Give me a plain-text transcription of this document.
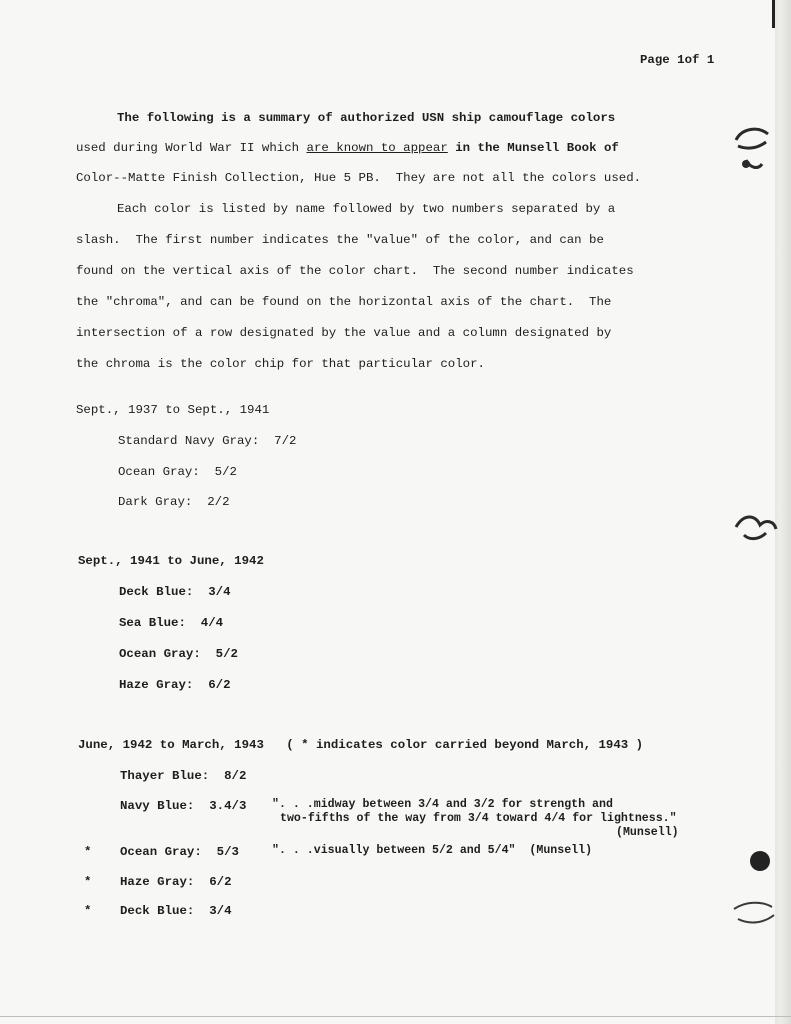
Page 1of 1
The following is a summary of authorized USN ship camouflage colors
used during World War II which are known to appear in the Munsell Book of
Color--Matte Finish Collection, Hue 5 PB.  They are not all the colors used.
Each color is listed by name followed by two numbers separated by a
slash.  The first number indicates the "value" of the color, and can be
found on the vertical axis of the color chart.  The second number indicates
the "chroma", and can be found on the horizontal axis of the chart.  The
intersection of a row designated by the value and a column designated by
the chroma is the color chip for that particular color.
Sept., 1937 to Sept., 1941
Standard Navy Gray: 7/2
Ocean Gray: 5/2
Dark Gray: 2/2
Sept., 1941 to June, 1942
Deck Blue: 3/4
Sea Blue: 4/4
Ocean Gray: 5/2
Haze Gray: 6/2
June, 1942 to March, 1943 ( * indicates color carried beyond March, 1943 )
Thayer Blue: 8/2
Navy Blue: 3.4/3 ". . .midway between 3/4 and 3/2 for strength and
two-fifths of the way from 3/4 toward 4/4 for lightness."
(Munsell)
* Ocean Gray: 5/3	". . .visually between 5/2 and 5/4"  (Munsell)
* Haze Gray: 6/2
* Deck Blue: 3/4
